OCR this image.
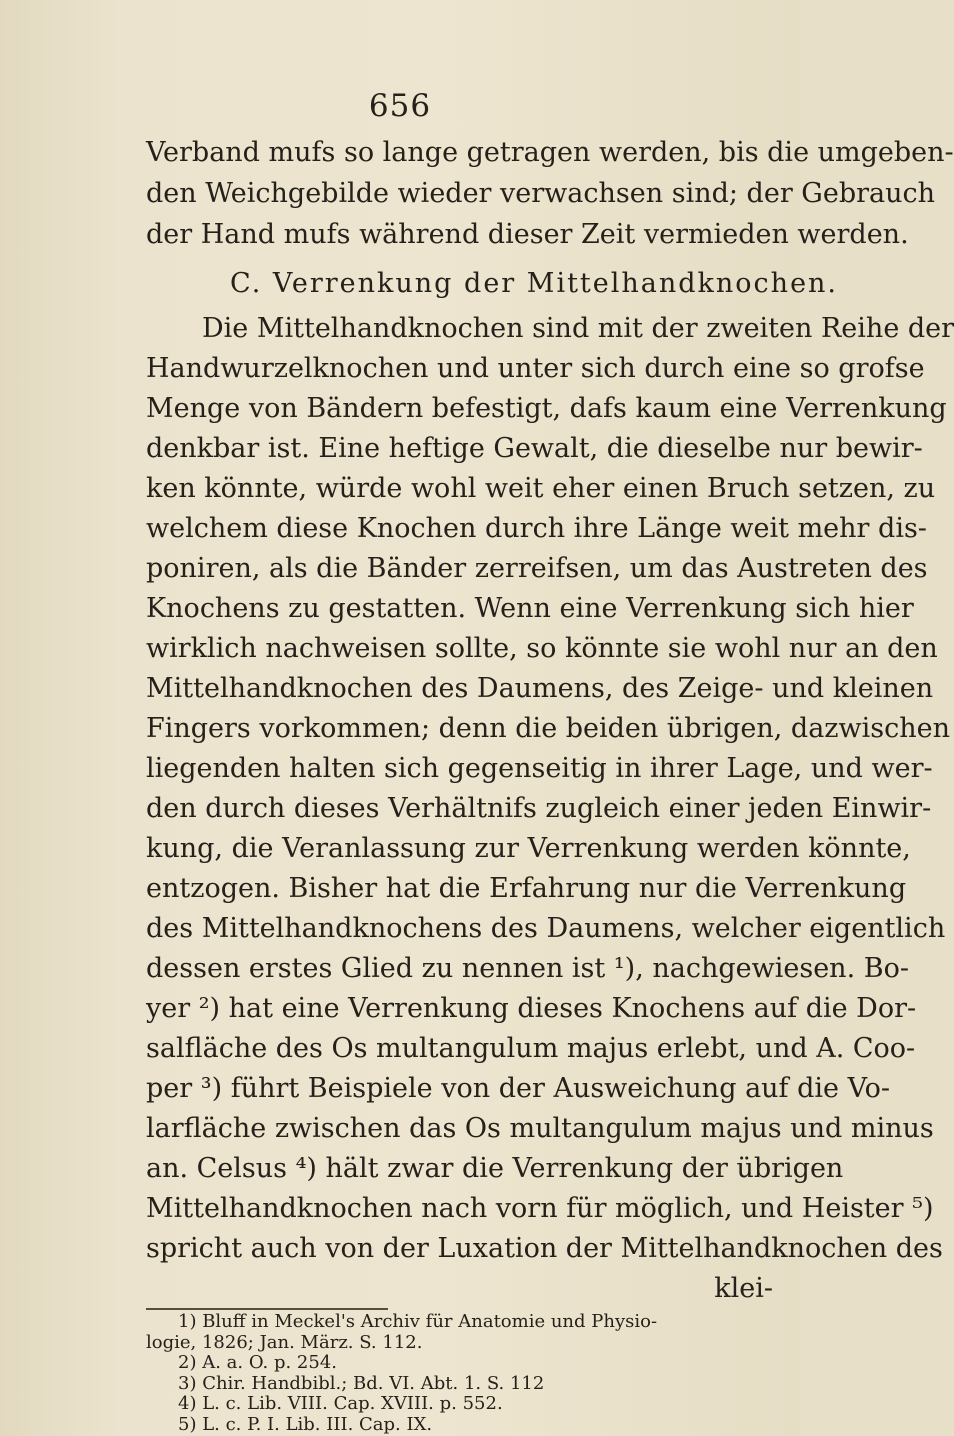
656
Verband mufs so lange getragen werden, bis die umgeben-
den Weichgebilde wieder verwachsen sind; der Gebrauch
der Hand mufs während dieser Zeit vermieden werden.
C. Verrenkung der Mittelhandknochen.
Die Mittelhandknochen sind mit der zweiten Reihe der
Handwurzelknochen und unter sich durch eine so grofse
Menge von Bändern befestigt, dafs kaum eine Verrenkung
denkbar ist. Eine heftige Gewalt, die dieselbe nur bewir-
ken könnte, würde wohl weit eher einen Bruch setzen, zu
welchem diese Knochen durch ihre Länge weit mehr dis-
poniren, als die Bänder zerreifsen, um das Austreten des
Knochens zu gestatten. Wenn eine Verrenkung sich hier
wirklich nachweisen sollte, so könnte sie wohl nur an den
Mittelhandknochen des Daumens, des Zeige- und kleinen
Fingers vorkommen; denn die beiden übrigen, dazwischen
liegenden halten sich gegenseitig in ihrer Lage, und wer-
den durch dieses Verhältnifs zugleich einer jeden Einwir-
kung, die Veranlassung zur Verrenkung werden könnte,
entzogen. Bisher hat die Erfahrung nur die Verrenkung
des Mittelhandknochens des Daumens, welcher eigentlich
dessen erstes Glied zu nennen ist ¹), nachgewiesen. Bo-
yer ²) hat eine Verrenkung dieses Knochens auf die Dor-
salfläche des Os multangulum majus erlebt, und A. Coo-
per ³) führt Beispiele von der Ausweichung auf die Vo-
larfläche zwischen das Os multangulum majus und minus
an. Celsus ⁴) hält zwar die Verrenkung der übrigen
Mittelhandknochen nach vorn für möglich, und Heister ⁵)
spricht auch von der Luxation der Mittelhandknochen des
klei-
1) Bluff in Meckel's Archiv für Anatomie und Physio-
logie, 1826; Jan. März. S. 112.
2) A. a. O. p. 254.
3) Chir. Handbibl.; Bd. VI. Abt. 1. S. 112
4) L. c. Lib. VIII. Cap. XVIII. p. 552.
5) L. c. P. I. Lib. III. Cap. IX.
